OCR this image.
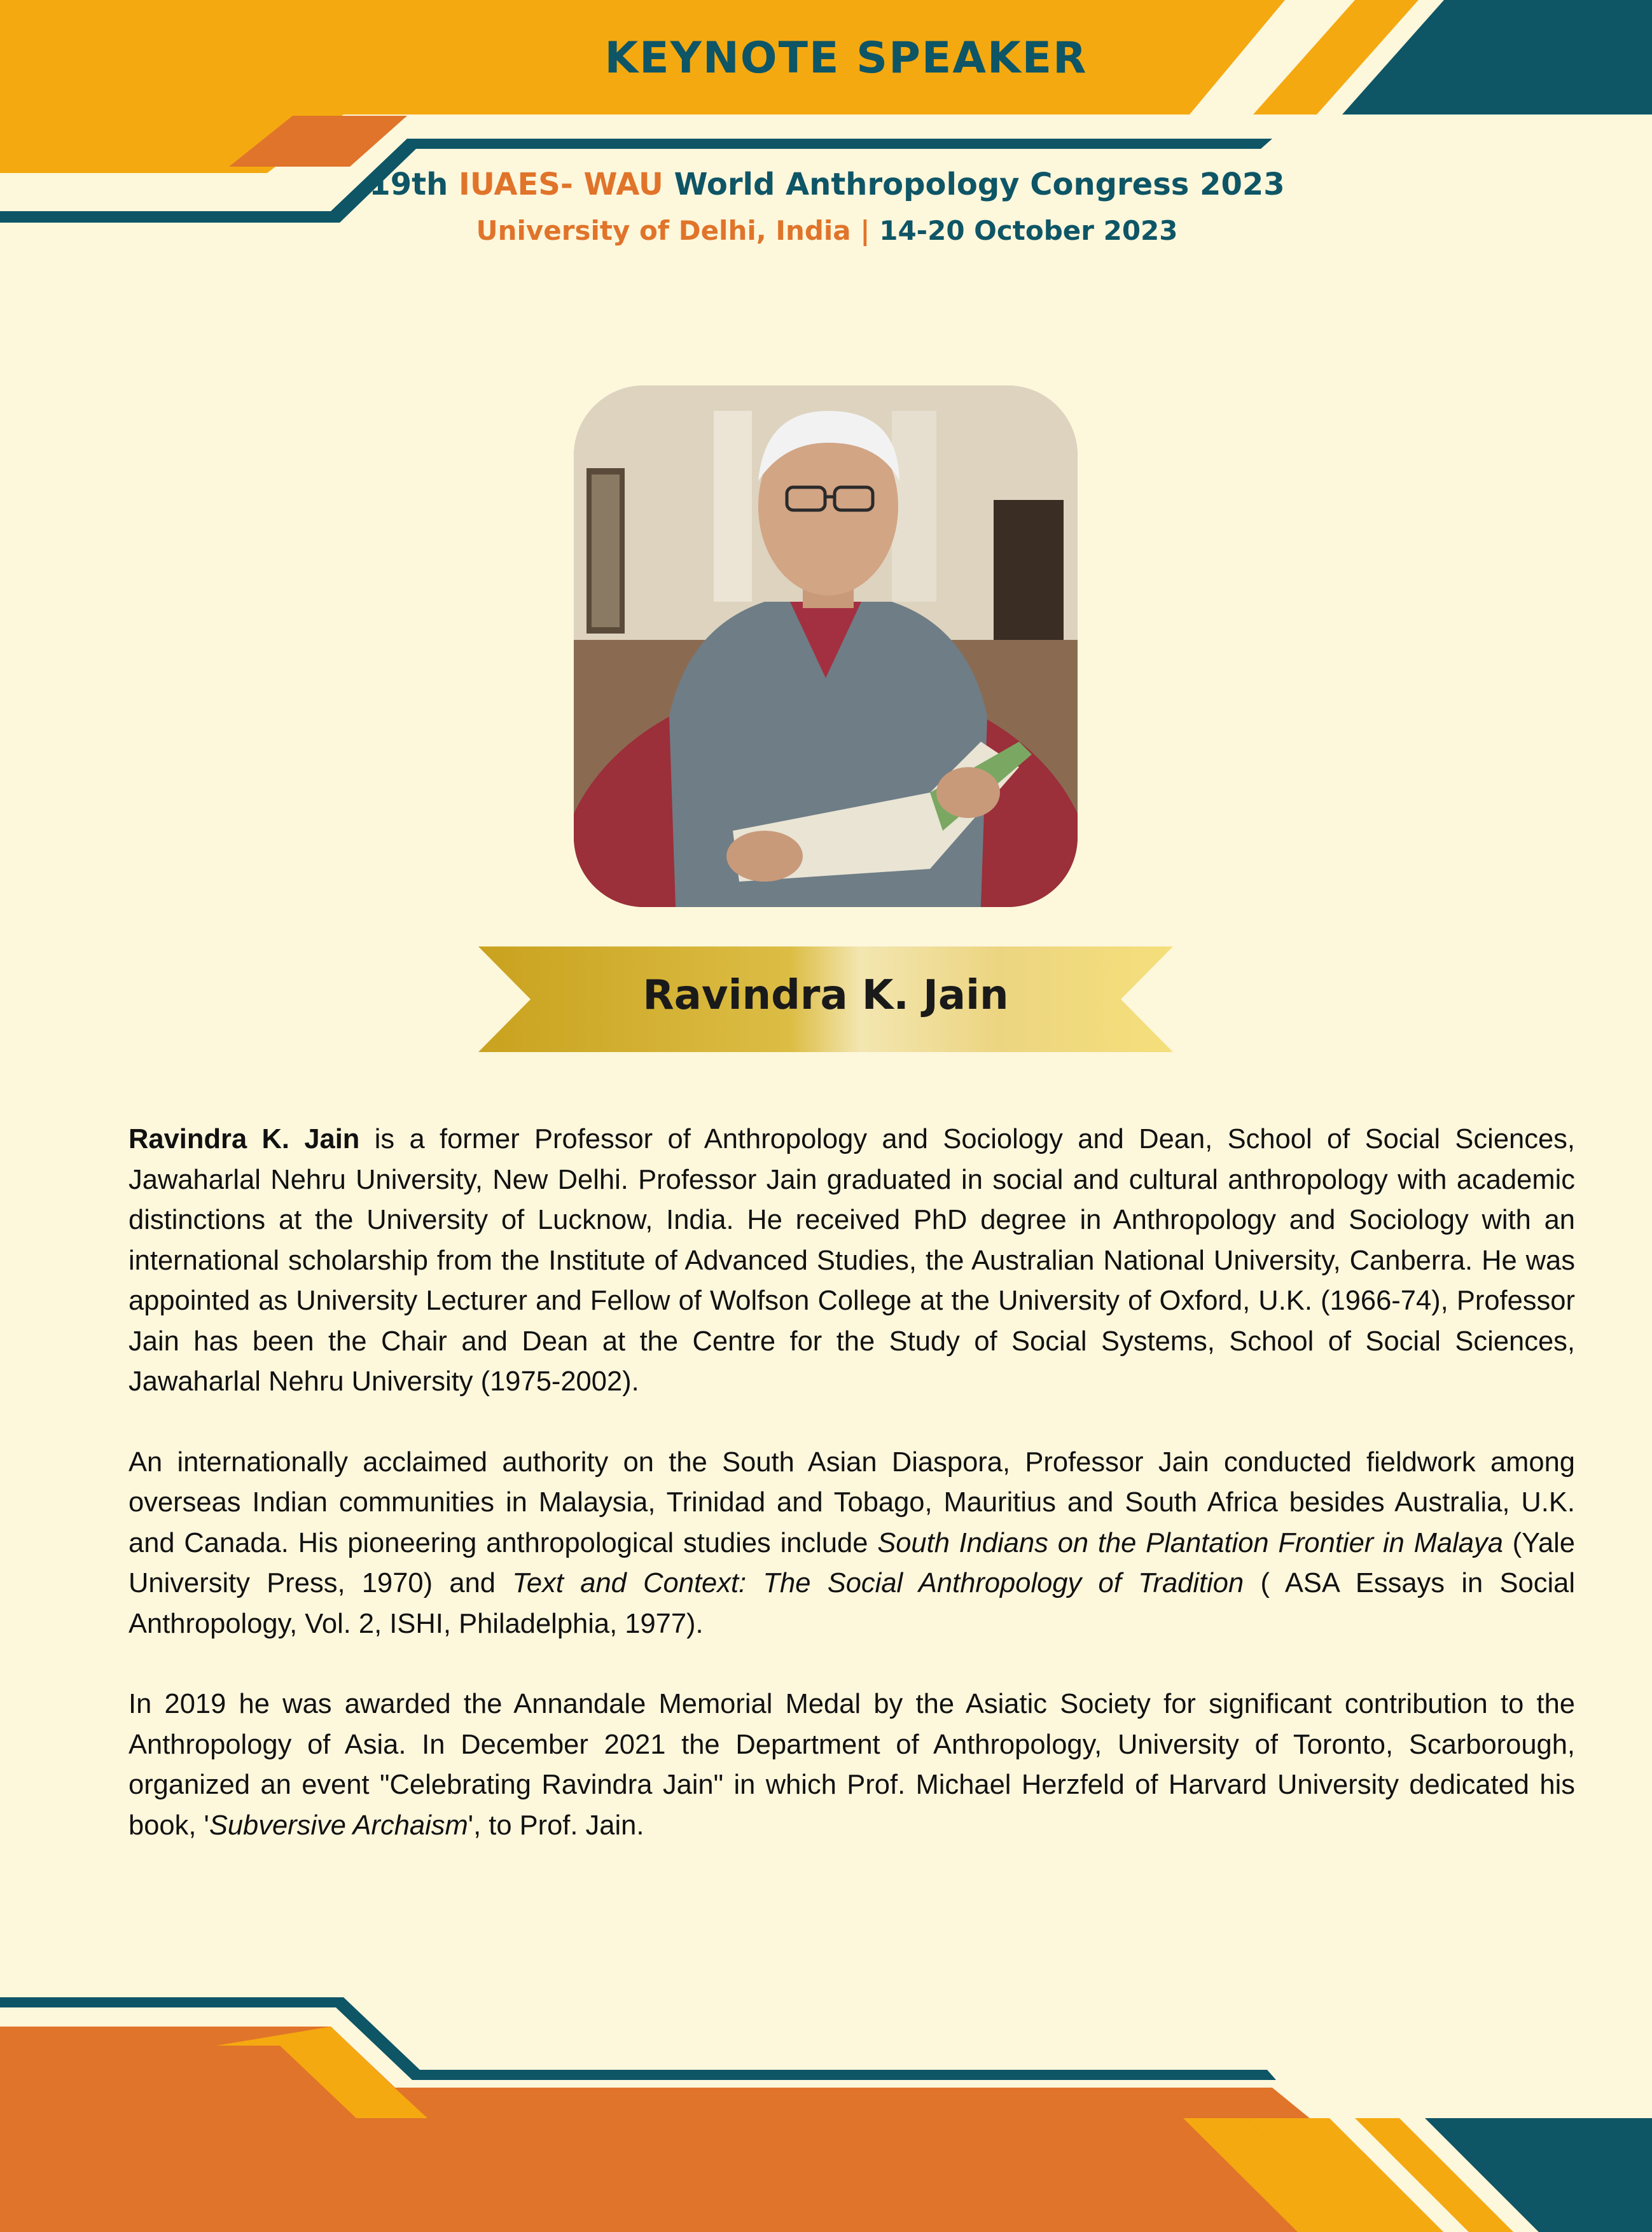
KEYNOTE SPEAKER

19th IUAES- WAU World Anthropology Congress 2023

University of Delhi, India | 14-20 October 2023

Ravindra K. Jain

Ravindra K. Jain is a former Professor of Anthropology and Sociology and Dean, School of Social Sciences, Jawaharlal Nehru University, New Delhi. Professor Jain graduated in social and cultural anthropology with academic distinctions at the University of Lucknow, India. He received PhD degree in Anthropology and Sociology with an international scholarship from the Institute of Advanced Studies, the Australian National University, Canberra. He was appointed as University Lecturer and Fellow of Wolfson College at the University of Oxford, U.K. (1966-74), Professor Jain has been the Chair and Dean at the Centre for the Study of Social Systems, School of Social Sciences, Jawaharlal Nehru University (1975-2002).

An internationally acclaimed authority on the South Asian Diaspora, Professor Jain conducted fieldwork among overseas Indian communities in Malaysia, Trinidad and Tobago, Mauritius and South Africa besides Australia, U.K. and Canada. His pioneering anthropological studies include South Indians on the Plantation Frontier in Malaya (Yale University Press, 1970) and Text and Context: The Social Anthropology of Tradition ( ASA Essays in Social Anthropology, Vol. 2, ISHI, Philadelphia, 1977).

In 2019 he was awarded the Annandale Memorial Medal by the Asiatic Society for significant contribution to the Anthropology of Asia. In December 2021 the Department of Anthropology, University of Toronto, Scarborough, organized an event "Celebrating Ravindra Jain" in which Prof. Michael Herzfeld of Harvard University dedicated his book, 'Subversive Archaism', to Prof. Jain.
